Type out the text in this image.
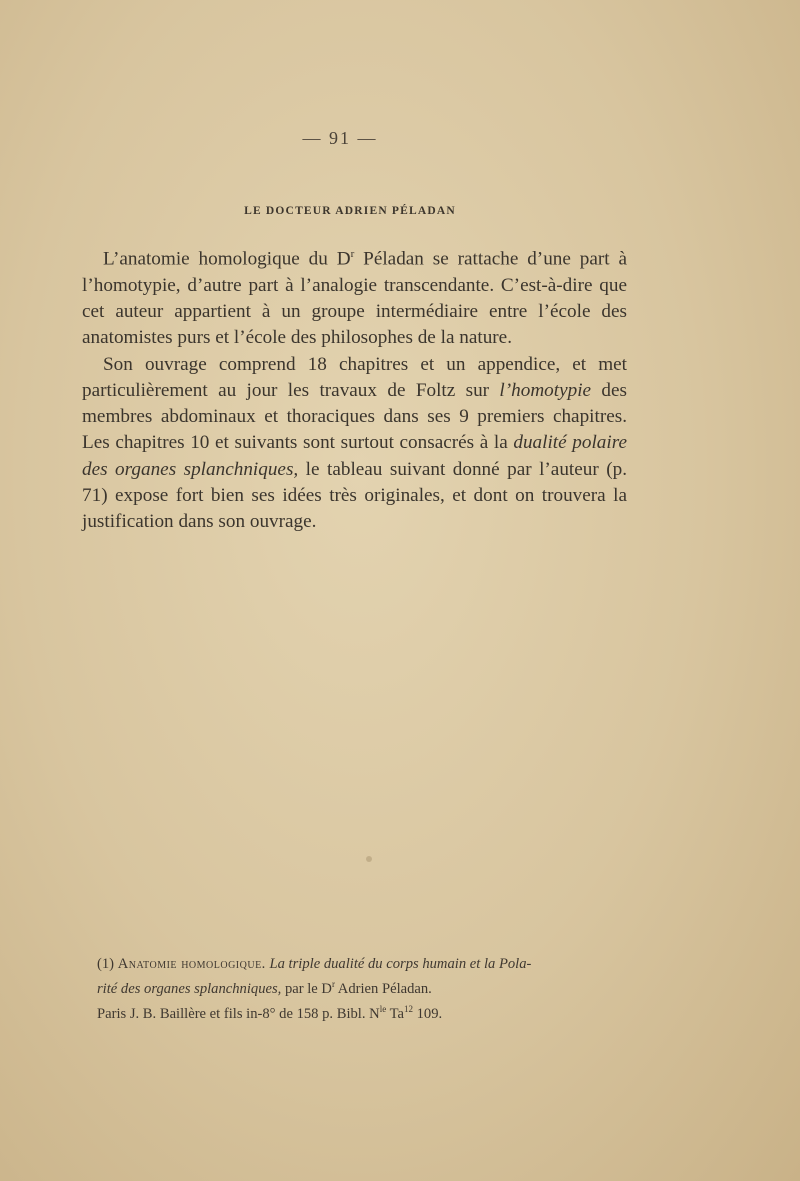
— 91 —
LE DOCTEUR ADRIEN PÉLADAN

L’anatomie homologique du $D^r$ Péladan se rattache d’une part à l’homotypie, d’autre part à l’analogie transcendante. C’est-à-dire que cet auteur appartient à un groupe intermédiaire entre l’école des anatomistes purs et l’école des philosophes de la nature.

Son ouvrage comprend 18 chapitres et un appendice, et met particulièrement au jour les travaux de Foltz sur l’homotypie des membres abdominaux et thoraciques dans ses 9 premiers chapitres. Les chapitres 10 et suivants sont surtout consacrés à la dualité polaire des organes splanchniques, le tableau suivant donné par l’auteur (p. 71) expose fort bien ses idées très originales, et dont on trouvera la justification dans son ouvrage.

(1) Anatomie homologique. La triple dualité du corps humain et la Pola-
rité des organes splanchniques, par le $D^r$ Adrien Péladan.
Paris J. B. Baillère et fils in-8° de 158 p. Bibl. $N^{le}$ Ta$^{12}$ 109.
